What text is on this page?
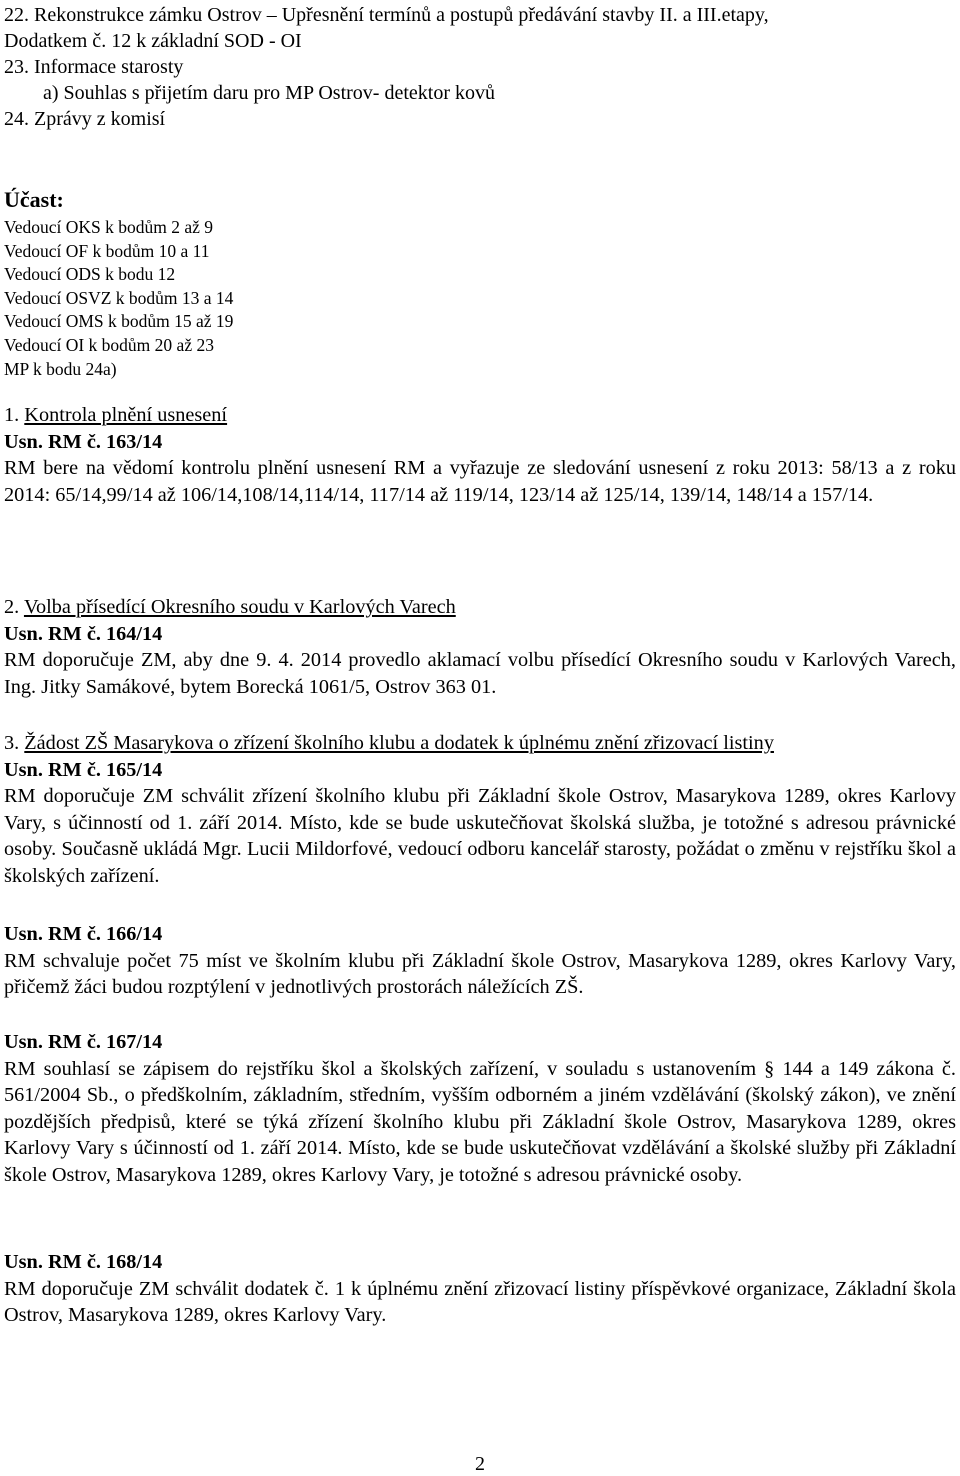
22. Rekonstrukce zámku Ostrov – Upřesnění termínů a postupů předávání stavby II. a III.etapy,
Dodatkem č. 12 k základní SOD - OI
23. Informace starosty
a) Souhlas s přijetím daru pro MP Ostrov- detektor kovů
24. Zprávy z komisí
Účast:
Vedoucí OKS k bodům 2 až 9
Vedoucí OF k bodům 10 a 11
Vedoucí ODS k bodu 12
Vedoucí OSVZ k bodům 13 a 14
Vedoucí OMS k bodům 15 až 19
Vedoucí OI k bodům 20 až 23
MP k bodu 24a)
1. Kontrola plnění usnesení
Usn. RM č. 163/14
RM bere na vědomí kontrolu plnění usnesení RM a vyřazuje ze sledování usnesení z roku 2013: 58/13 a z roku 2014: 65/14,99/14 až 106/14,108/14,114/14, 117/14 až 119/14, 123/14 až 125/14, 139/14, 148/14 a 157/14.
2. Volba přísedící Okresního soudu v Karlových Varech
Usn. RM č. 164/14
RM doporučuje ZM, aby dne 9. 4. 2014 provedlo aklamací volbu přísedící Okresního soudu v Karlových Varech, Ing. Jitky Samákové, bytem Borecká 1061/5, Ostrov 363 01.
3. Žádost ZŠ Masarykova o zřízení školního klubu a dodatek k úplnému znění zřizovací listiny
Usn. RM č. 165/14
RM doporučuje ZM schválit zřízení školního klubu při Základní škole Ostrov, Masarykova 1289, okres Karlovy Vary, s účinností od 1. září 2014. Místo, kde se bude uskutečňovat školská služba, je totožné s adresou právnické osoby. Současně ukládá Mgr. Lucii Mildorfové, vedoucí odboru kancelář starosty, požádat o změnu v rejstříku škol a školských zařízení.
Usn. RM č. 166/14
RM schvaluje počet 75 míst ve školním klubu při Základní škole Ostrov, Masarykova 1289, okres Karlovy Vary, přičemž žáci budou rozptýlení v jednotlivých prostorách náležících ZŠ.
Usn. RM č. 167/14
RM souhlasí se zápisem do rejstříku škol a školských zařízení, v souladu s ustanovením § 144 a 149 zákona č. 561/2004 Sb., o předškolním, základním, středním, vyšším odborném a jiném vzdělávání (školský zákon), ve znění pozdějších předpisů, které se týká zřízení školního klubu při Základní škole Ostrov, Masarykova 1289, okres Karlovy Vary s účinností od 1. září 2014. Místo, kde se bude uskutečňovat vzdělávání a školské služby při Základní škole Ostrov, Masarykova 1289, okres Karlovy Vary, je totožné s adresou právnické osoby.
Usn. RM č. 168/14
RM doporučuje ZM schválit dodatek č. 1 k úplnému znění zřizovací listiny příspěvkové organizace, Základní škola Ostrov, Masarykova 1289, okres Karlovy Vary.
2
